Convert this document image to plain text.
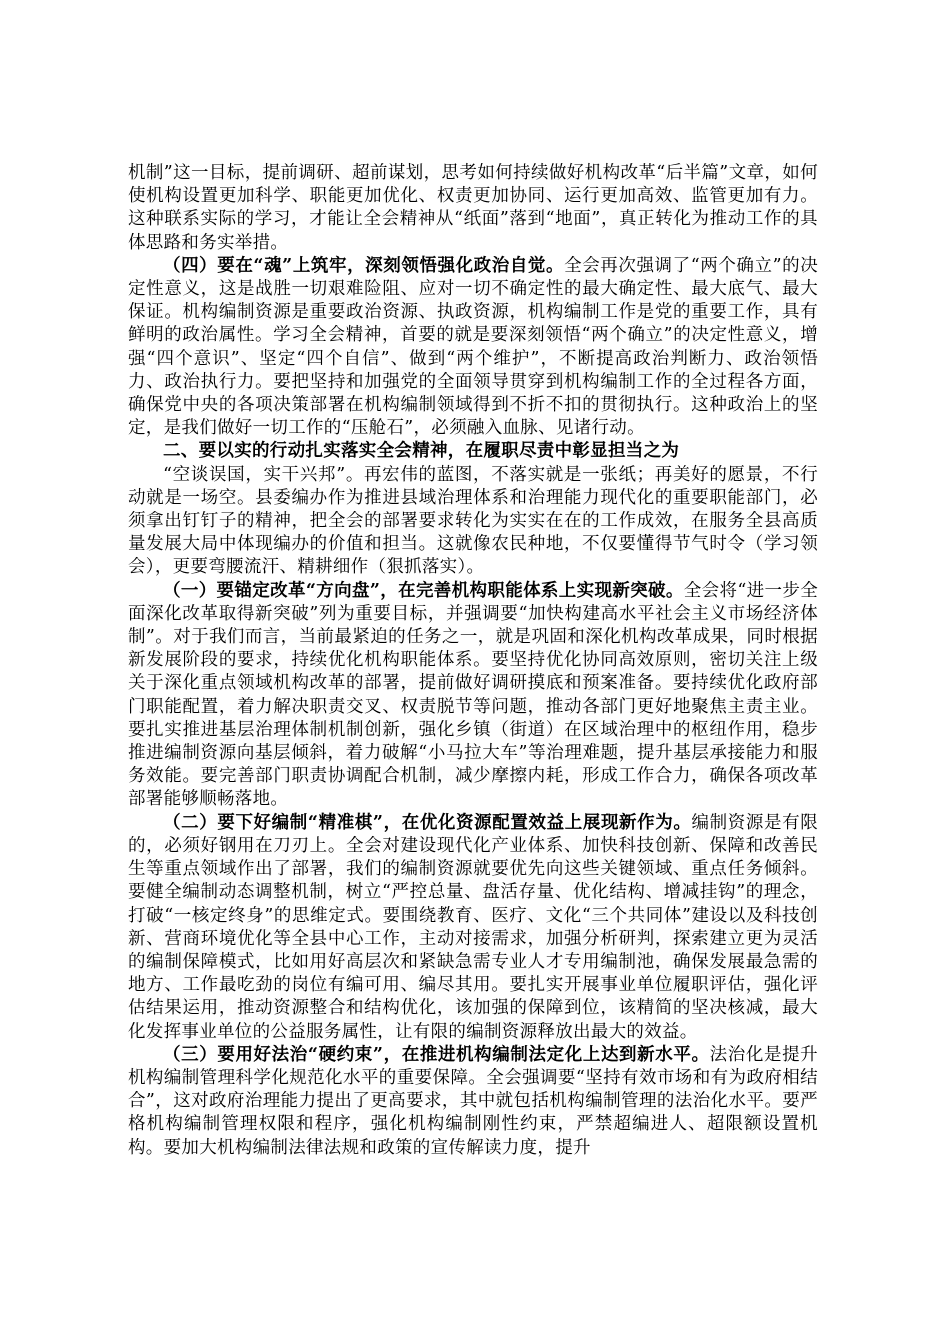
机制”这一目标，提前调研、超前谋划，思考如何持续做好机构改革“后半篇”文章，如何使机构设置更加科学、职能更加优化、权责更加协同、运行更加高效、监管更加有力。这种联系实际的学习，才能让全会精神从“纸面”落到“地面”，真正转化为推动工作的具体思路和务实举措。

（四）要在“魂”上筑牢，深刻领悟强化政治自觉。全会再次强调了“两个确立”的决定性意义，这是战胜一切艰难险阻、应对一切不确定性的最大确定性、最大底气、最大保证。机构编制资源是重要政治资源、执政资源，机构编制工作是党的重要工作，具有鲜明的政治属性。学习全会精神，首要的就是要深刻领悟“两个确立”的决定性意义，增强“四个意识”、坚定“四个自信”、做到“两个维护”，不断提高政治判断力、政治领悟力、政治执行力。要把坚持和加强党的全面领导贯穿到机构编制工作的全过程各方面，确保党中央的各项决策部署在机构编制领域得到不折不扣的贯彻执行。这种政治上的坚定，是我们做好一切工作的“压舱石”，必须融入血脉、见诸行动。

二、要以实的行动扎实落实全会精神，在履职尽责中彰显担当之为

“空谈误国，实干兴邦”。再宏伟的蓝图，不落实就是一张纸；再美好的愿景，不行动就是一场空。县委编办作为推进县域治理体系和治理能力现代化的重要职能部门，必须拿出钉钉子的精神，把全会的部署要求转化为实实在在的工作成效，在服务全县高质量发展大局中体现编办的价值和担当。这就像农民种地，不仅要懂得节气时令（学习领会），更要弯腰流汗、精耕细作（狠抓落实）。

（一）要锚定改革“方向盘”，在完善机构职能体系上实现新突破。全会将“进一步全面深化改革取得新突破”列为重要目标，并强调要“加快构建高水平社会主义市场经济体制”。对于我们而言，当前最紧迫的任务之一，就是巩固和深化机构改革成果，同时根据新发展阶段的要求，持续优化机构职能体系。要坚持优化协同高效原则，密切关注上级关于深化重点领域机构改革的部署，提前做好调研摸底和预案准备。要持续优化政府部门职能配置，着力解决职责交叉、权责脱节等问题，推动各部门更好地聚焦主责主业。要扎实推进基层治理体制机制创新，强化乡镇（街道）在区域治理中的枢纽作用，稳步推进编制资源向基层倾斜，着力破解“小马拉大车”等治理难题，提升基层承接能力和服务效能。要完善部门职责协调配合机制，减少摩擦内耗，形成工作合力，确保各项改革部署能够顺畅落地。

（二）要下好编制“精准棋”，在优化资源配置效益上展现新作为。编制资源是有限的，必须好钢用在刀刃上。全会对建设现代化产业体系、加快科技创新、保障和改善民生等重点领域作出了部署，我们的编制资源就要优先向这些关键领域、重点任务倾斜。要健全编制动态调整机制，树立“严控总量、盘活存量、优化结构、增减挂钩”的理念，打破“一核定终身”的思维定式。要围绕教育、医疗、文化“三个共同体”建设以及科技创新、营商环境优化等全县中心工作，主动对接需求，加强分析研判，探索建立更为灵活的编制保障模式，比如用好高层次和紧缺急需专业人才专用编制池，确保发展最急需的地方、工作最吃劲的岗位有编可用、编尽其用。要扎实开展事业单位履职评估，强化评估结果运用，推动资源整合和结构优化，该加强的保障到位，该精简的坚决核减，最大化发挥事业单位的公益服务属性，让有限的编制资源释放出最大的效益。

（三）要用好法治“硬约束”，在推进机构编制法定化上达到新水平。法治化是提升机构编制管理科学化规范化水平的重要保障。全会强调要“坚持有效市场和有为政府相结合”，这对政府治理能力提出了更高要求，其中就包括机构编制管理的法治化水平。要严格机构编制管理权限和程序，强化机构编制刚性约束，严禁超编进人、超限额设置机构。要加大机构编制法律法规和政策的宣传解读力度，提升
